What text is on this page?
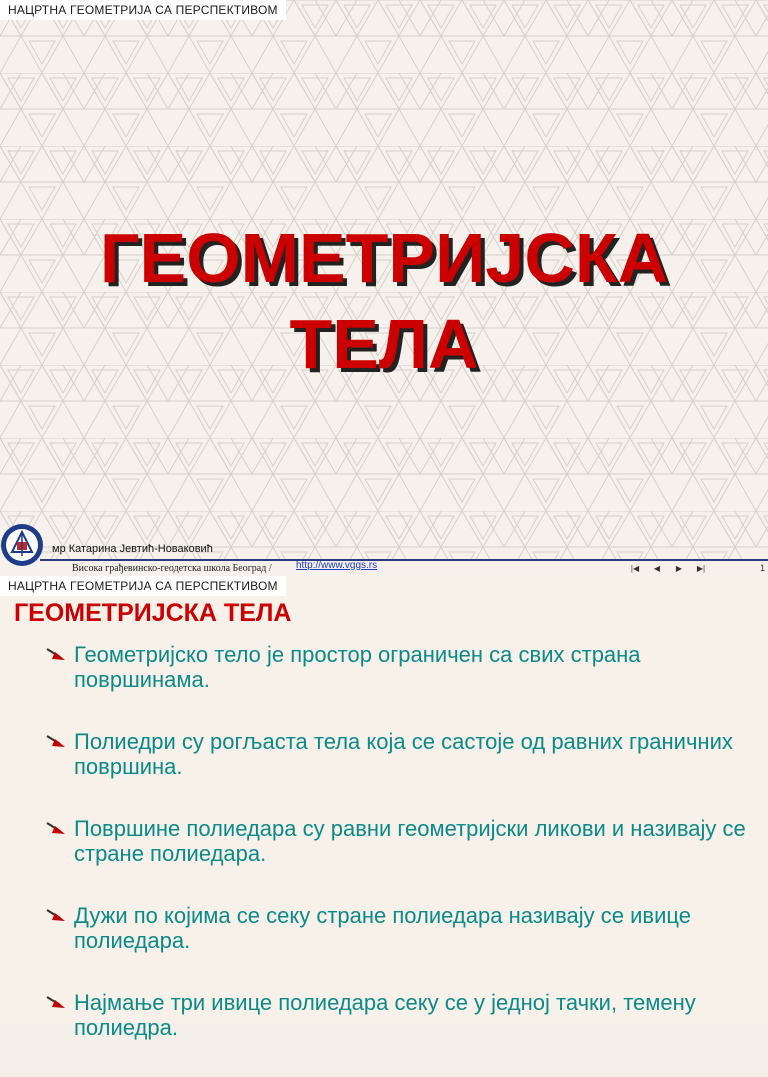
НАЦРТНА ГЕОМЕТРИЈА СА ПЕРСПЕКТИВОМ
ГЕОМЕТРИЈСКА
ТЕЛА
мр Катарина Јевтић-Новаковић
Висока грађевинско-геодетска школа Београд / http://www.vggs.rs	|◀	◀	▶	▶|	1
НАЦРТНА ГЕОМЕТРИЈА СА ПЕРСПЕКТИВОМ
ГЕОМЕТРИЈСКА ТЕЛА
Геометријско тело је простор ограничен са свих страна површинама.
Полиедри су рогљаста тела која се састоје од равних граничних површина.
Површине полиедара су равни геометријски ликови и називају се стране полиедара.
Дужи по којима се секу стране полиедара називају се ивице полиедара.
Најмање три ивице полиедара секу се у једној тачки, темену полиедра.
